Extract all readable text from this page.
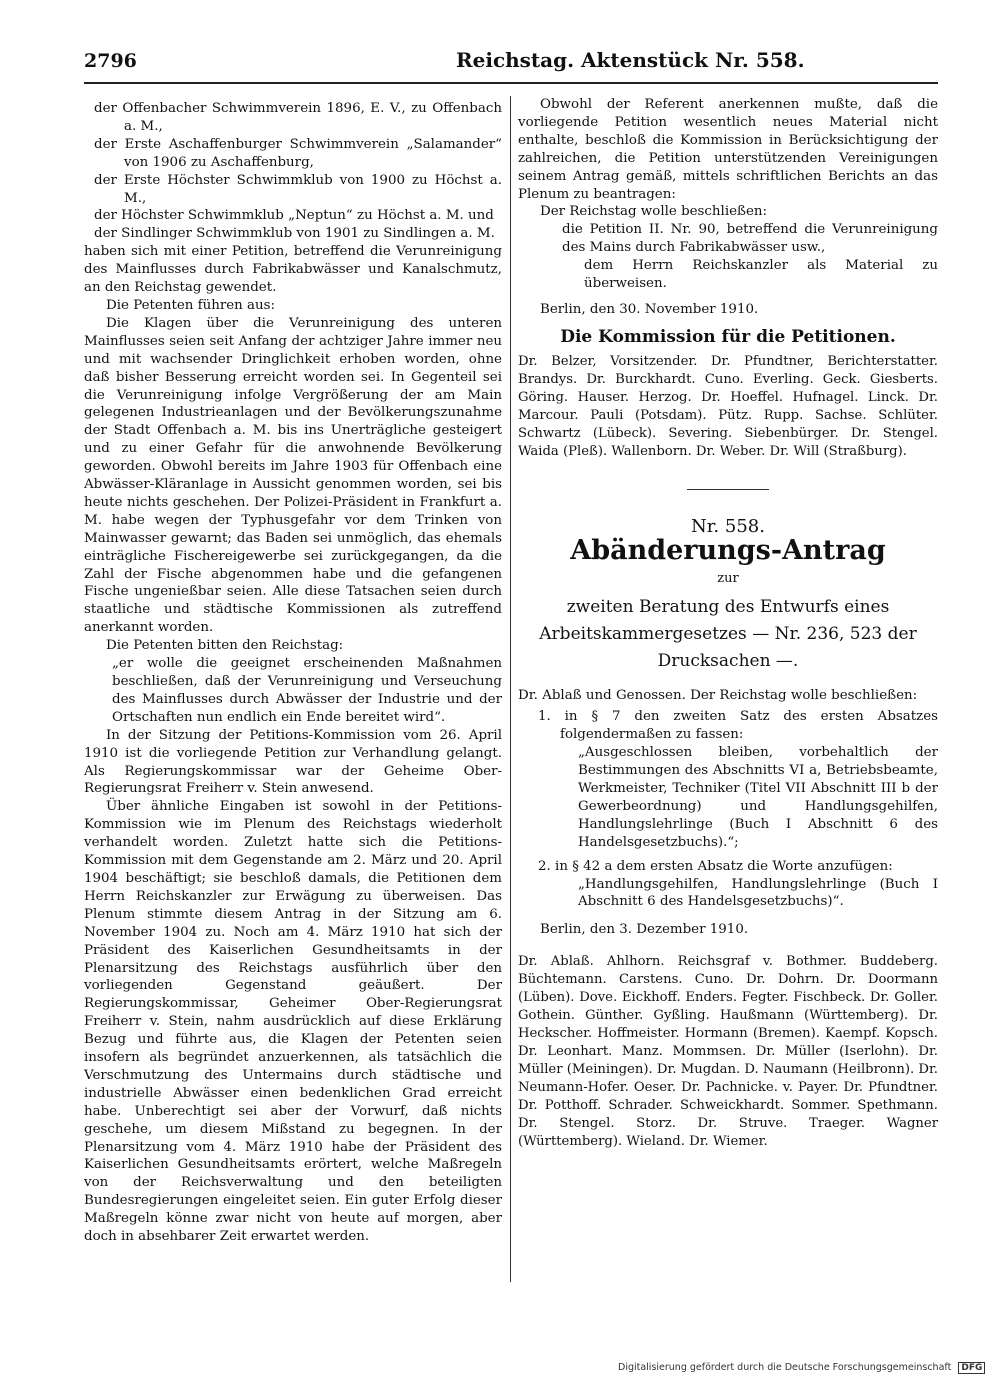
2796	Reichstag. Aktenstück Nr. 558.

der Offenbacher Schwimmverein 1896, E. V., zu Offenbach a. M.,

der Erste Aschaffenburger Schwimmverein „Salamander“ von 1906 zu Aschaffenburg,

der Erste Höchster Schwimmklub von 1900 zu Höchst a. M.,

der Höchster Schwimmklub „Neptun“ zu Höchst a. M. und

der Sindlinger Schwimmklub von 1901 zu Sindlingen a. M.

haben sich mit einer Petition, betreffend die Verunreinigung des Mainflusses durch Fabrikabwässer und Kanalschmutz, an den Reichstag gewendet.

Die Petenten führen aus:

Die Klagen über die Verunreinigung des unteren Mainflusses seien seit Anfang der achtziger Jahre immer neu und mit wachsender Dringlichkeit erhoben worden, ohne daß bisher Besserung erreicht worden sei. In Gegenteil sei die Verunreinigung infolge Vergrößerung der am Main gelegenen Industrieanlagen und der Bevölkerungszunahme der Stadt Offenbach a. M. bis ins Unerträgliche gesteigert und zu einer Gefahr für die anwohnende Bevölkerung geworden. Obwohl bereits im Jahre 1903 für Offenbach eine Abwässer-Kläranlage in Aussicht genommen worden, sei bis heute nichts geschehen. Der Polizei-Präsident in Frankfurt a. M. habe wegen der Typhusgefahr vor dem Trinken von Mainwasser gewarnt; das Baden sei unmöglich, das ehemals einträgliche Fischereigewerbe sei zurückgegangen, da die Zahl der Fische abgenommen habe und die gefangenen Fische ungenießbar seien. Alle diese Tatsachen seien durch staatliche und städtische Kommissionen als zutreffend anerkannt worden.

Die Petenten bitten den Reichstag:

„er wolle die geeignet erscheinenden Maßnahmen beschließen, daß der Verunreinigung und Verseuchung des Mainflusses durch Abwässer der Industrie und der Ortschaften nun endlich ein Ende bereitet wird“.

In der Sitzung der Petitions-Kommission vom 26. April 1910 ist die vorliegende Petition zur Verhandlung gelangt. Als Regierungskommissar war der Geheime Ober-Regierungsrat Freiherr v. Stein anwesend.

Über ähnliche Eingaben ist sowohl in der Petitions-Kommission wie im Plenum des Reichstags wiederholt verhandelt worden. Zuletzt hatte sich die Petitions-Kommission mit dem Gegenstande am 2. März und 20. April 1904 beschäftigt; sie beschloß damals, die Petitionen dem Herrn Reichskanzler zur Erwägung zu überweisen. Das Plenum stimmte diesem Antrag in der Sitzung am 6. November 1904 zu. Noch am 4. März 1910 hat sich der Präsident des Kaiserlichen Gesundheitsamts in der Plenarsitzung des Reichstags ausführlich über den vorliegenden Gegenstand geäußert. Der Regierungskommissar, Geheimer Ober-Regierungsrat Freiherr v. Stein, nahm ausdrücklich auf diese Erklärung Bezug und führte aus, die Klagen der Petenten seien insofern als begründet anzuerkennen, als tatsächlich die Verschmutzung des Untermains durch städtische und industrielle Abwässer einen bedenklichen Grad erreicht habe. Unberechtigt sei aber der Vorwurf, daß nichts geschehe, um diesem Mißstand zu begegnen. In der Plenarsitzung vom 4. März 1910 habe der Präsident des Kaiserlichen Gesundheitsamts erörtert, welche Maßregeln von der Reichsverwaltung und den beteiligten Bundesregierungen eingeleitet seien. Ein guter Erfolg dieser Maßregeln könne zwar nicht von heute auf morgen, aber doch in absehbarer Zeit erwartet werden.

Obwohl der Referent anerkennen mußte, daß die vorliegende Petition wesentlich neues Material nicht enthalte, beschloß die Kommission in Berücksichtigung der zahlreichen, die Petition unterstützenden Vereinigungen seinem Antrag gemäß, mittels schriftlichen Berichts an das Plenum zu beantragen:

Der Reichstag wolle beschließen:

die Petition II. Nr. 90, betreffend die Verunreinigung des Mains durch Fabrikabwässer usw.,

dem Herrn Reichskanzler als Material zu überweisen.

Berlin, den 30. November 1910.

Die Kommission für die Petitionen.

Dr. Belzer, Vorsitzender. Dr. Pfundtner, Berichterstatter. Brandys. Dr. Burckhardt. Cuno. Everling. Geck. Giesberts. Göring. Hauser. Herzog. Dr. Hoeffel. Hufnagel. Linck. Dr. Marcour. Pauli (Potsdam). Pütz. Rupp. Sachse. Schlüter. Schwartz (Lübeck). Severing. Siebenbürger. Dr. Stengel. Waida (Pleß). Wallenborn. Dr. Weber. Dr. Will (Straßburg).

Nr. 558.

Abänderungs-Antrag

zur

zweiten Beratung des Entwurfs eines Arbeitskammergesetzes — Nr. 236, 523 der Drucksachen —.

Dr. Ablaß und Genossen. Der Reichstag wolle beschließen:

1. in § 7 den zweiten Satz des ersten Absatzes folgendermaßen zu fassen:

„Ausgeschlossen bleiben, vorbehaltlich der Bestimmungen des Abschnitts VI a, Betriebsbeamte, Werkmeister, Techniker (Titel VII Abschnitt III b der Gewerbeordnung) und Handlungsgehilfen, Handlungslehrlinge (Buch I Abschnitt 6 des Handelsgesetzbuchs).“;

2. in § 42 a dem ersten Absatz die Worte anzufügen:

„Handlungsgehilfen, Handlungslehrlinge (Buch I Abschnitt 6 des Handelsgesetzbuchs)“.

Berlin, den 3. Dezember 1910.

Dr. Ablaß. Ahlhorn. Reichsgraf v. Bothmer. Buddeberg. Büchtemann. Carstens. Cuno. Dr. Dohrn. Dr. Doormann (Lüben). Dove. Eickhoff. Enders. Fegter. Fischbeck. Dr. Goller. Gothein. Günther. Gyßling. Haußmann (Württemberg). Dr. Heckscher. Hoffmeister. Hormann (Bremen). Kaempf. Kopsch. Dr. Leonhart. Manz. Mommsen. Dr. Müller (Iserlohn). Dr. Müller (Meiningen). Dr. Mugdan. D. Naumann (Heilbronn). Dr. Neumann-Hofer. Oeser. Dr. Pachnicke. v. Payer. Dr. Pfundtner. Dr. Potthoff. Schrader. Schweickhardt. Sommer. Spethmann. Dr. Stengel. Storz. Dr. Struve. Traeger. Wagner (Württemberg). Wieland. Dr. Wiemer.

Digitalisierung gefördert durch die Deutsche Forschungsgemeinschaft DFG
